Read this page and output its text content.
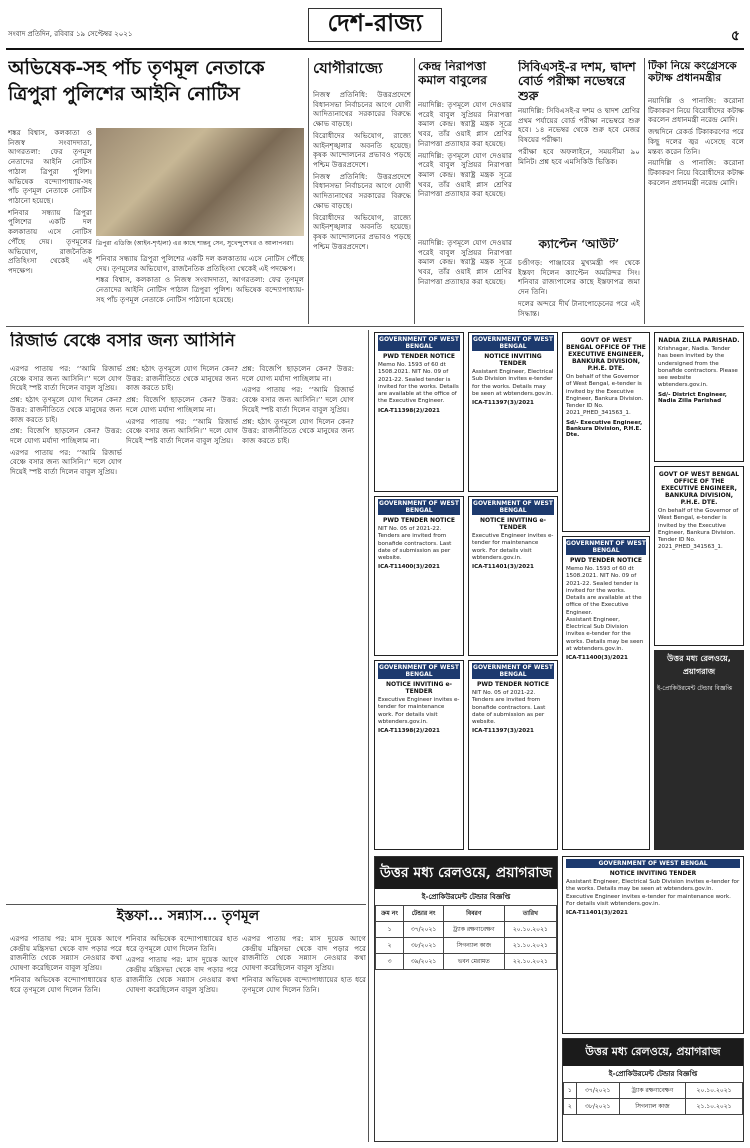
সংবাদ প্রতিদিন, রবিবার ১৯ সেপ্টেম্বর ২০২১	দেশ-রাজ্য	৫
অভিষেক-সহ পাঁচ তৃণমূল নেতাকে
ত্রিপুরা পুলিশের আইনি নোটিস

শঙ্কর বিশ্বাস, কলকাতা ও নিজস্ব সংবাদদাতা, আগরতলা: ফের তৃণমূল নেতাদের আইনি নোটিস পাঠাল ত্রিপুরা পুলিশ। অভিষেক বন্দ্যোপাধ্যায়-সহ পাঁচ তৃণমূল নেতাকে নোটিস পাঠানো হয়েছে।

শনিবার সন্ধ্যায় ত্রিপুরা পুলিশের একটি দল কলকাতায় এসে নোটিস পৌঁছে দেয়। তৃণমূলের অভিযোগ, রাজনৈতিক প্রতিহিংসা থেকেই এই পদক্ষেপ।

ত্রিপুরা এডিজি (আইন-শৃঙ্খলা) এর কাছে শান্তনু সেন, সুখেন্দুশেখর ও আলাপনরা।

শনিবার সন্ধ্যায় ত্রিপুরা পুলিশের একটি দল কলকাতায় এসে নোটিস পৌঁছে দেয়। তৃণমূলের অভিযোগ, রাজনৈতিক প্রতিহিংসা থেকেই এই পদক্ষেপ।

শঙ্কর বিশ্বাস, কলকাতা ও নিজস্ব সংবাদদাতা, আগরতলা: ফের তৃণমূল নেতাদের আইনি নোটিস পাঠাল ত্রিপুরা পুলিশ। অভিষেক বন্দ্যোপাধ্যায়-সহ পাঁচ তৃণমূল নেতাকে নোটিস পাঠানো হয়েছে।

যোগীরাজ্যে

নিজস্ব প্রতিনিধি: উত্তরপ্রদেশে বিধানসভা নির্বাচনের আগে যোগী আদিত্যনাথের সরকারের বিরুদ্ধে ক্ষোভ বাড়ছে।

বিরোধীদের অভিযোগ, রাজ্যে আইনশৃঙ্খলার অবনতি হয়েছে। কৃষক আন্দোলনের প্রভাবও পড়ছে পশ্চিম উত্তরপ্রদেশে।

নিজস্ব প্রতিনিধি: উত্তরপ্রদেশে বিধানসভা নির্বাচনের আগে যোগী আদিত্যনাথের সরকারের বিরুদ্ধে ক্ষোভ বাড়ছে।

বিরোধীদের অভিযোগ, রাজ্যে আইনশৃঙ্খলার অবনতি হয়েছে। কৃষক আন্দোলনের প্রভাবও পড়ছে পশ্চিম উত্তরপ্রদেশে।

কেন্দ্র নিরাপত্তা
কমাল বাবুলের

নয়াদিল্লি: তৃণমূলে যোগ দেওয়ার পরেই বাবুল সুপ্রিয়র নিরাপত্তা কমাল কেন্দ্র। স্বরাষ্ট্র মন্ত্রক সূত্রে খবর, তাঁর ওয়াই প্লাস শ্রেণির নিরাপত্তা প্রত্যাহার করা হয়েছে।

নয়াদিল্লি: তৃণমূলে যোগ দেওয়ার পরেই বাবুল সুপ্রিয়র নিরাপত্তা কমাল কেন্দ্র। স্বরাষ্ট্র মন্ত্রক সূত্রে খবর, তাঁর ওয়াই প্লাস শ্রেণির নিরাপত্তা প্রত্যাহার করা হয়েছে।

সিবিএসই-র দশম, দ্বাদশ
বোর্ড পরীক্ষা নভেম্বরে শুরু

নয়াদিল্লি: সিবিএসই-র দশম ও দ্বাদশ শ্রেণির প্রথম পর্যায়ের বোর্ড পরীক্ষা নভেম্বরে শুরু হবে। ১৪ নভেম্বর থেকে শুরু হবে মেজর বিষয়ের পরীক্ষা।

পরীক্ষা হবে অফলাইনে, সময়সীমা ৯০ মিনিট। প্রশ্ন হবে এমসিকিউ ভিত্তিক।

ক্যাপ্টেন ‘আউট’

চণ্ডীগড়: পাঞ্জাবের মুখ্যমন্ত্রী পদ থেকে ইস্তফা দিলেন ক্যাপ্টেন অমরিন্দর সিং। শনিবার রাজ্যপালের কাছে ইস্তফাপত্র জমা দেন তিনি।

দলের অন্দরে দীর্ঘ টানাপোড়েনের পরে এই সিদ্ধান্ত।

নয়াদিল্লি: তৃণমূলে যোগ দেওয়ার পরেই বাবুল সুপ্রিয়র নিরাপত্তা কমাল কেন্দ্র। স্বরাষ্ট্র মন্ত্রক সূত্রে খবর, তাঁর ওয়াই প্লাস শ্রেণির নিরাপত্তা প্রত্যাহার করা হয়েছে।

টিকা নিয়ে কংগ্রেসকে
কটাক্ষ প্রধানমন্ত্রীর

নয়াদিল্লি ও পানাজি: করোনা টিকাকরণ নিয়ে বিরোধীদের কটাক্ষ করলেন প্রধানমন্ত্রী নরেন্দ্র মোদি।

জন্মদিনে রেকর্ড টিকাকরণের পরে কিছু দলের জ্বর এসেছে বলে মন্তব্য করেন তিনি।

নয়াদিল্লি ও পানাজি: করোনা টিকাকরণ নিয়ে বিরোধীদের কটাক্ষ করলেন প্রধানমন্ত্রী নরেন্দ্র মোদি।

রিজার্ভ বেঞ্চে বসার জন্য আসিনি

এরপর পাতায় পর: ‘‘আমি রিজার্ভ বেঞ্চে বসার জন্য আসিনি।’’ দলে যোগ দিয়েই স্পষ্ট বার্তা দিলেন বাবুল সুপ্রিয়।

প্রশ্ন: হঠাৎ তৃণমূলে যোগ দিলেন কেন? উত্তর: রাজনীতিতে থেকে মানুষের জন্য কাজ করতে চাই।

প্রশ্ন: বিজেপি ছাড়লেন কেন? উত্তর: দলে যোগ্য মর্যাদা পাচ্ছিলাম না।

এরপর পাতায় পর: ‘‘আমি রিজার্ভ বেঞ্চে বসার জন্য আসিনি।’’ দলে যোগ দিয়েই স্পষ্ট বার্তা দিলেন বাবুল সুপ্রিয়।

প্রশ্ন: হঠাৎ তৃণমূলে যোগ দিলেন কেন? উত্তর: রাজনীতিতে থেকে মানুষের জন্য কাজ করতে চাই।

প্রশ্ন: বিজেপি ছাড়লেন কেন? উত্তর: দলে যোগ্য মর্যাদা পাচ্ছিলাম না।

এরপর পাতায় পর: ‘‘আমি রিজার্ভ বেঞ্চে বসার জন্য আসিনি।’’ দলে যোগ দিয়েই স্পষ্ট বার্তা দিলেন বাবুল সুপ্রিয়।

প্রশ্ন: বিজেপি ছাড়লেন কেন? উত্তর: দলে যোগ্য মর্যাদা পাচ্ছিলাম না।

এরপর পাতায় পর: ‘‘আমি রিজার্ভ বেঞ্চে বসার জন্য আসিনি।’’ দলে যোগ দিয়েই স্পষ্ট বার্তা দিলেন বাবুল সুপ্রিয়।

প্রশ্ন: হঠাৎ তৃণমূলে যোগ দিলেন কেন? উত্তর: রাজনীতিতে থেকে মানুষের জন্য কাজ করতে চাই।

ইস্তফা... সন্ন্যাস... তৃণমূল

এরপর পাতায় পর: মাস দুয়েক আগে কেন্দ্রীয় মন্ত্রিসভা থেকে বাদ পড়ার পরে রাজনীতি থেকে সন্ন্যাস নেওয়ার কথা ঘোষণা করেছিলেন বাবুল সুপ্রিয়।

শনিবার অভিষেক বন্দ্যোপাধ্যায়ের হাত ধরে তৃণমূলে যোগ দিলেন তিনি।

শনিবার অভিষেক বন্দ্যোপাধ্যায়ের হাত ধরে তৃণমূলে যোগ দিলেন তিনি।

এরপর পাতায় পর: মাস দুয়েক আগে কেন্দ্রীয় মন্ত্রিসভা থেকে বাদ পড়ার পরে রাজনীতি থেকে সন্ন্যাস নেওয়ার কথা ঘোষণা করেছিলেন বাবুল সুপ্রিয়।

এরপর পাতায় পর: মাস দুয়েক আগে কেন্দ্রীয় মন্ত্রিসভা থেকে বাদ পড়ার পরে রাজনীতি থেকে সন্ন্যাস নেওয়ার কথা ঘোষণা করেছিলেন বাবুল সুপ্রিয়।

শনিবার অভিষেক বন্দ্যোপাধ্যায়ের হাত ধরে তৃণমূলে যোগ দিলেন তিনি।

GOVERNMENT OF WEST BENGAL
PWD TENDER NOTICE
Memo No. 1593 of 60 dt 1508.2021. NIT No. 09 of 2021-22. Sealed tender is invited for the works. Details are available at the office of the Executive Engineer.
ICA-T11398(2)/2021
GOVERNMENT OF WEST BENGAL
NOTICE INVITING TENDER
Assistant Engineer, Electrical Sub Division invites e-tender for the works. Details may be seen at wbtenders.gov.in.
ICA-T11397(3)/2021
GOVERNMENT OF WEST BENGAL
PWD TENDER NOTICE
NIT No. 05 of 2021-22. Tenders are invited from bonafide contractors. Last date of submission as per website.
ICA-T11400(3)/2021
GOVERNMENT OF WEST BENGAL
NOTICE INVITING e-TENDER
Executive Engineer invites e-tender for maintenance work. For details visit wbtenders.gov.in.
ICA-T11401(3)/2021
GOVERNMENT OF WEST BENGAL
NOTICE INVITING e-TENDER
Executive Engineer invites e-tender for maintenance work. For details visit wbtenders.gov.in.
ICA-T11398(2)/2021
GOVERNMENT OF WEST BENGAL
PWD TENDER NOTICE
NIT No. 05 of 2021-22. Tenders are invited from bonafide contractors. Last date of submission as per website.
ICA-T11397(3)/2021
GOVT OF WEST BENGAL OFFICE OF THE EXECUTIVE ENGINEER, BANKURA DIVISION, P.H.E. DTE.
On behalf of the Governor of West Bengal, e-tender is invited by the Executive Engineer, Bankura Division. Tender ID No. 2021_PHED_341563_1.
Sd/- Executive Engineer, Bankura Division, P.H.E. Dte.
NADIA ZILLA PARISHAD.
Krishnagar, Nadia. Tender has been invited by the undersigned from the bonafide contractors. Please see website wbtenders.gov.in.
Sd/- District Engineer, Nadia Zilla Parishad
GOVT OF WEST BENGAL OFFICE OF THE EXECUTIVE ENGINEER, BANKURA DIVISION, P.H.E. DTE.
On behalf of the Governor of West Bengal, e-tender is invited by the Executive Engineer, Bankura Division. Tender ID No. 2021_PHED_341563_1.
GOVERNMENT OF WEST BENGAL
PWD TENDER NOTICE
Memo No. 1593 of 60 dt 1508.2021. NIT No. 09 of 2021-22. Sealed tender is invited for the works. Details are available at the office of the Executive Engineer.
Assistant Engineer, Electrical Sub Division invites e-tender for the works. Details may be seen at wbtenders.gov.in.
ICA-T11400(3)/2021	উত্তর মধ্য রেলওয়ে, প্রয়াগরাজ
ই-প্রোকিউরমেন্ট টেন্ডার বিজ্ঞপ্তি
উত্তর মধ্য রেলওয়ে, প্রয়াগরাজ
ই-প্রোকিউরমেন্ট টেন্ডার বিজ্ঞপ্তি
ক্রম নং	টেন্ডার নং	বিবরণ	তারিখ
১	৩৭/২০২১	ট্র্যাক রক্ষণাবেক্ষণ	২০.১০.২০২১
২	৩৮/২০২১	সিগন্যাল কাজ	২১.১০.২০২১
৩	৩৯/২০২১	ভবন মেরামত	২২.১০.২০২১
উত্তর মধ্য রেলওয়ে, প্রয়াগরাজ
ই-প্রোকিউরমেন্ট টেন্ডার বিজ্ঞপ্তি
১	৩৭/২০২১	ট্র্যাক রক্ষণাবেক্ষণ	২০.১০.২০২১
২	৩৮/২০২১	সিগন্যাল কাজ	২১.১০.২০২১
GOVERNMENT OF WEST BENGAL
NOTICE INVITING TENDER
Assistant Engineer, Electrical Sub Division invites e-tender for the works. Details may be seen at wbtenders.gov.in.
Executive Engineer invites e-tender for maintenance work. For details visit wbtenders.gov.in.
ICA-T11401(3)/2021
